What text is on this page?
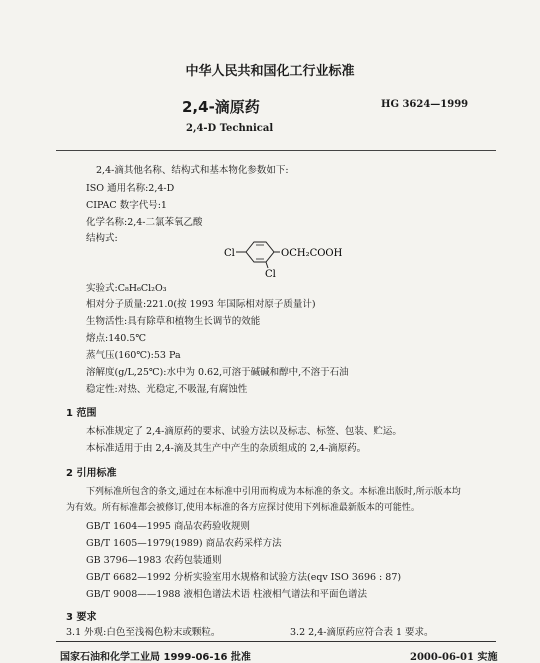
中华人民共和国化工行业标准
2,4-滴原药	HG 3624—1999
2,4-D Technical
2,4-滴其他名称、结构式和基本物化参数如下:
ISO 通用名称:2,4-D
CIPAC 数字代号:1
化学名称:2,4-二氯苯氧乙酸
结构式:
Cl	OCH₂COOH
Cl
实验式:C₈H₆Cl₂O₃
相对分子质量:221.0(按 1993 年国际相对原子质量计)
生物活性:具有除草和植物生长调节的效能
熔点:140.5℃
蒸气压(160℃):53 Pa
溶解度(g/L,25℃):水中为 0.62,可溶于碱碱和醇中,不溶于石油
稳定性:对热、光稳定,不吸湿,有腐蚀性
1 范围
本标准规定了 2,4-滴原药的要求、试验方法以及标志、标签、包装、贮运。
本标准适用于由 2,4-滴及其生产中产生的杂质组成的 2,4-滴原药。
2 引用标准
下列标准所包含的条文,通过在本标准中引用而构成为本标准的条文。本标准出版时,所示版本均
为有效。所有标准都会被修订,使用本标准的各方应探讨使用下列标准最新版本的可能性。
GB/T 1604—1995 商品农药验收规则
GB/T 1605—1979(1989) 商品农药采样方法
GB 3796—1983 农药包装通则
GB/T 6682—1992 分析实验室用水规格和试验方法(eqv ISO 3696 : 87)
GB/T 9008——1988 液相色谱法术语 柱液相气谱法和平面色谱法
3 要求
3.1 外观:白色至浅褐色粉末或颗粒。
国家石油和化学工业局 1999-06-16 批准	2000-06-01 实施
3.2 2,4-滴原药应符合表 1 要求。
